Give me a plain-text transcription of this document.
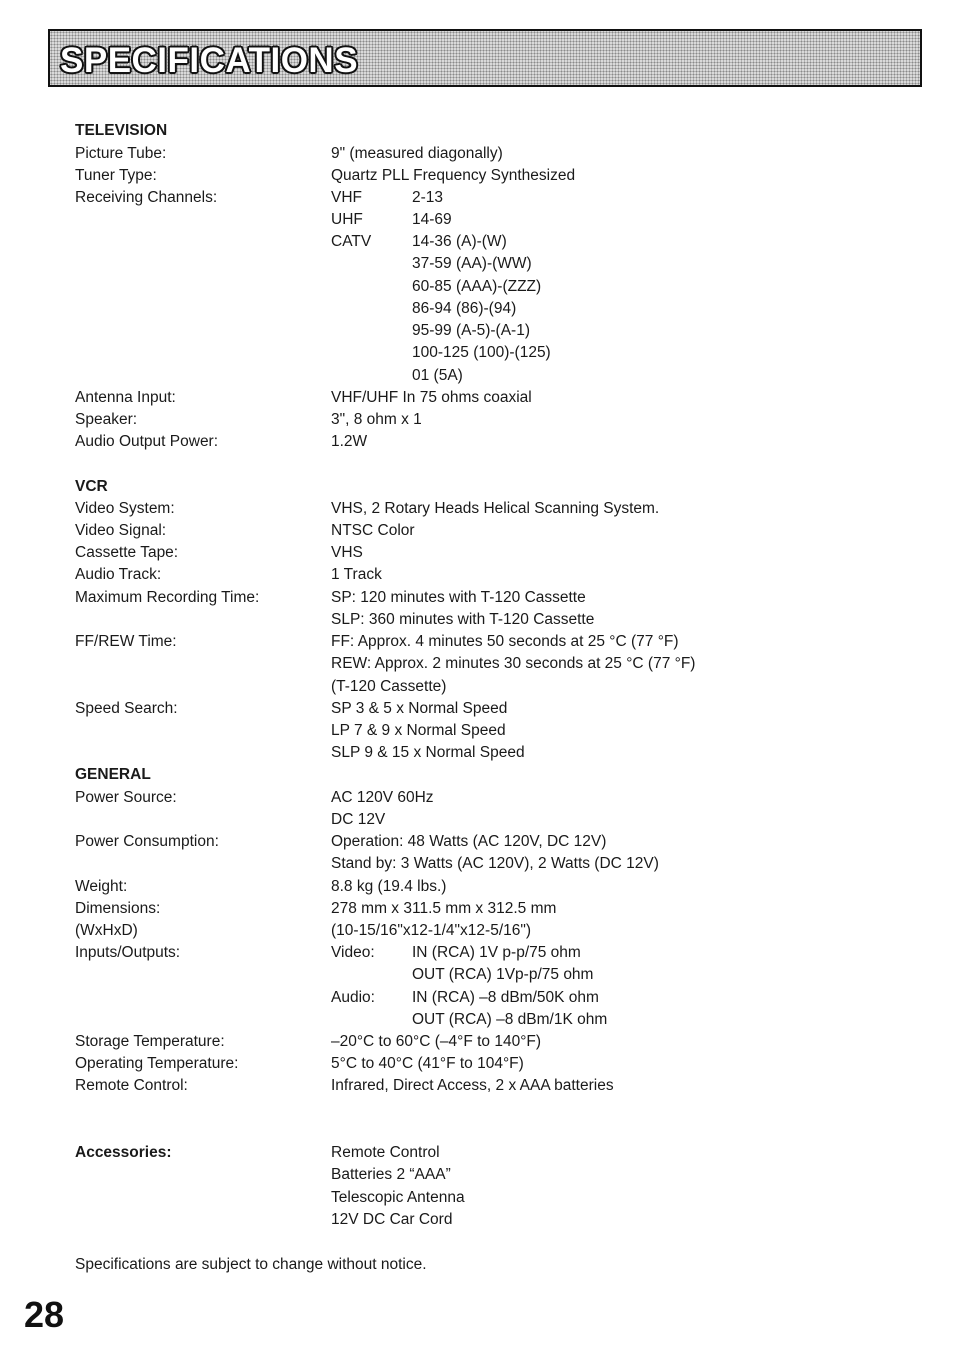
SPECIFICATIONS
TELEVISION
Picture Tube:	9" (measured diagonally)
Tuner Type:	Quartz PLL Frequency Synthesized
Receiving Channels:	VHF	2-13
UHF	14-69
CATV	14-36 (A)-(W)
37-59 (AA)-(WW)
60-85 (AAA)-(ZZZ)
86-94 (86)-(94)
95-99 (A-5)-(A-1)
100-125 (100)-(125)
01 (5A)
Antenna Input:	VHF/UHF In 75 ohms coaxial
Speaker:	3", 8 ohm x 1
Audio Output Power:	1.2W
VCR
Video System:	VHS, 2 Rotary Heads Helical Scanning System.
Video Signal:	NTSC Color
Cassette Tape:	VHS
Audio Track:	1 Track
Maximum Recording Time:	SP: 120 minutes with T-120 Cassette
SLP: 360 minutes with T-120 Cassette
FF/REW Time:	FF: Approx. 4 minutes 50 seconds at 25 °C (77 °F)
REW: Approx. 2 minutes 30 seconds at 25 °C (77 °F)
(T-120 Cassette)
Speed Search:	SP 3 & 5 x Normal Speed
LP 7 & 9 x Normal Speed
SLP 9 & 15 x Normal Speed
GENERAL
Power Source:	AC 120V 60Hz
DC 12V
Power Consumption:	Operation: 48 Watts (AC 120V, DC 12V)
Stand by: 3 Watts (AC 120V), 2 Watts (DC 12V)
Weight:	8.8 kg (19.4 lbs.)
Dimensions:	278 mm x 311.5 mm x 312.5 mm
(WxHxD)	(10-15/16"x12-1/4"x12-5/16")
Inputs/Outputs:	Video: IN (RCA) 1V p-p/75 ohm
OUT (RCA) 1Vp-p/75 ohm
Audio: IN (RCA) –8 dBm/50K ohm
OUT (RCA) –8 dBm/1K ohm
Storage Temperature:	–20°C to 60°C (–4°F to 140°F)
Operating Temperature:	5°C to 40°C (41°F to 104°F)
Remote Control:	Infrared, Direct Access, 2 x AAA batteries
Accessories:	Remote Control
Batteries 2 “AAA”
Telescopic Antenna
12V DC Car Cord
Specifications are subject to change without notice.
28
